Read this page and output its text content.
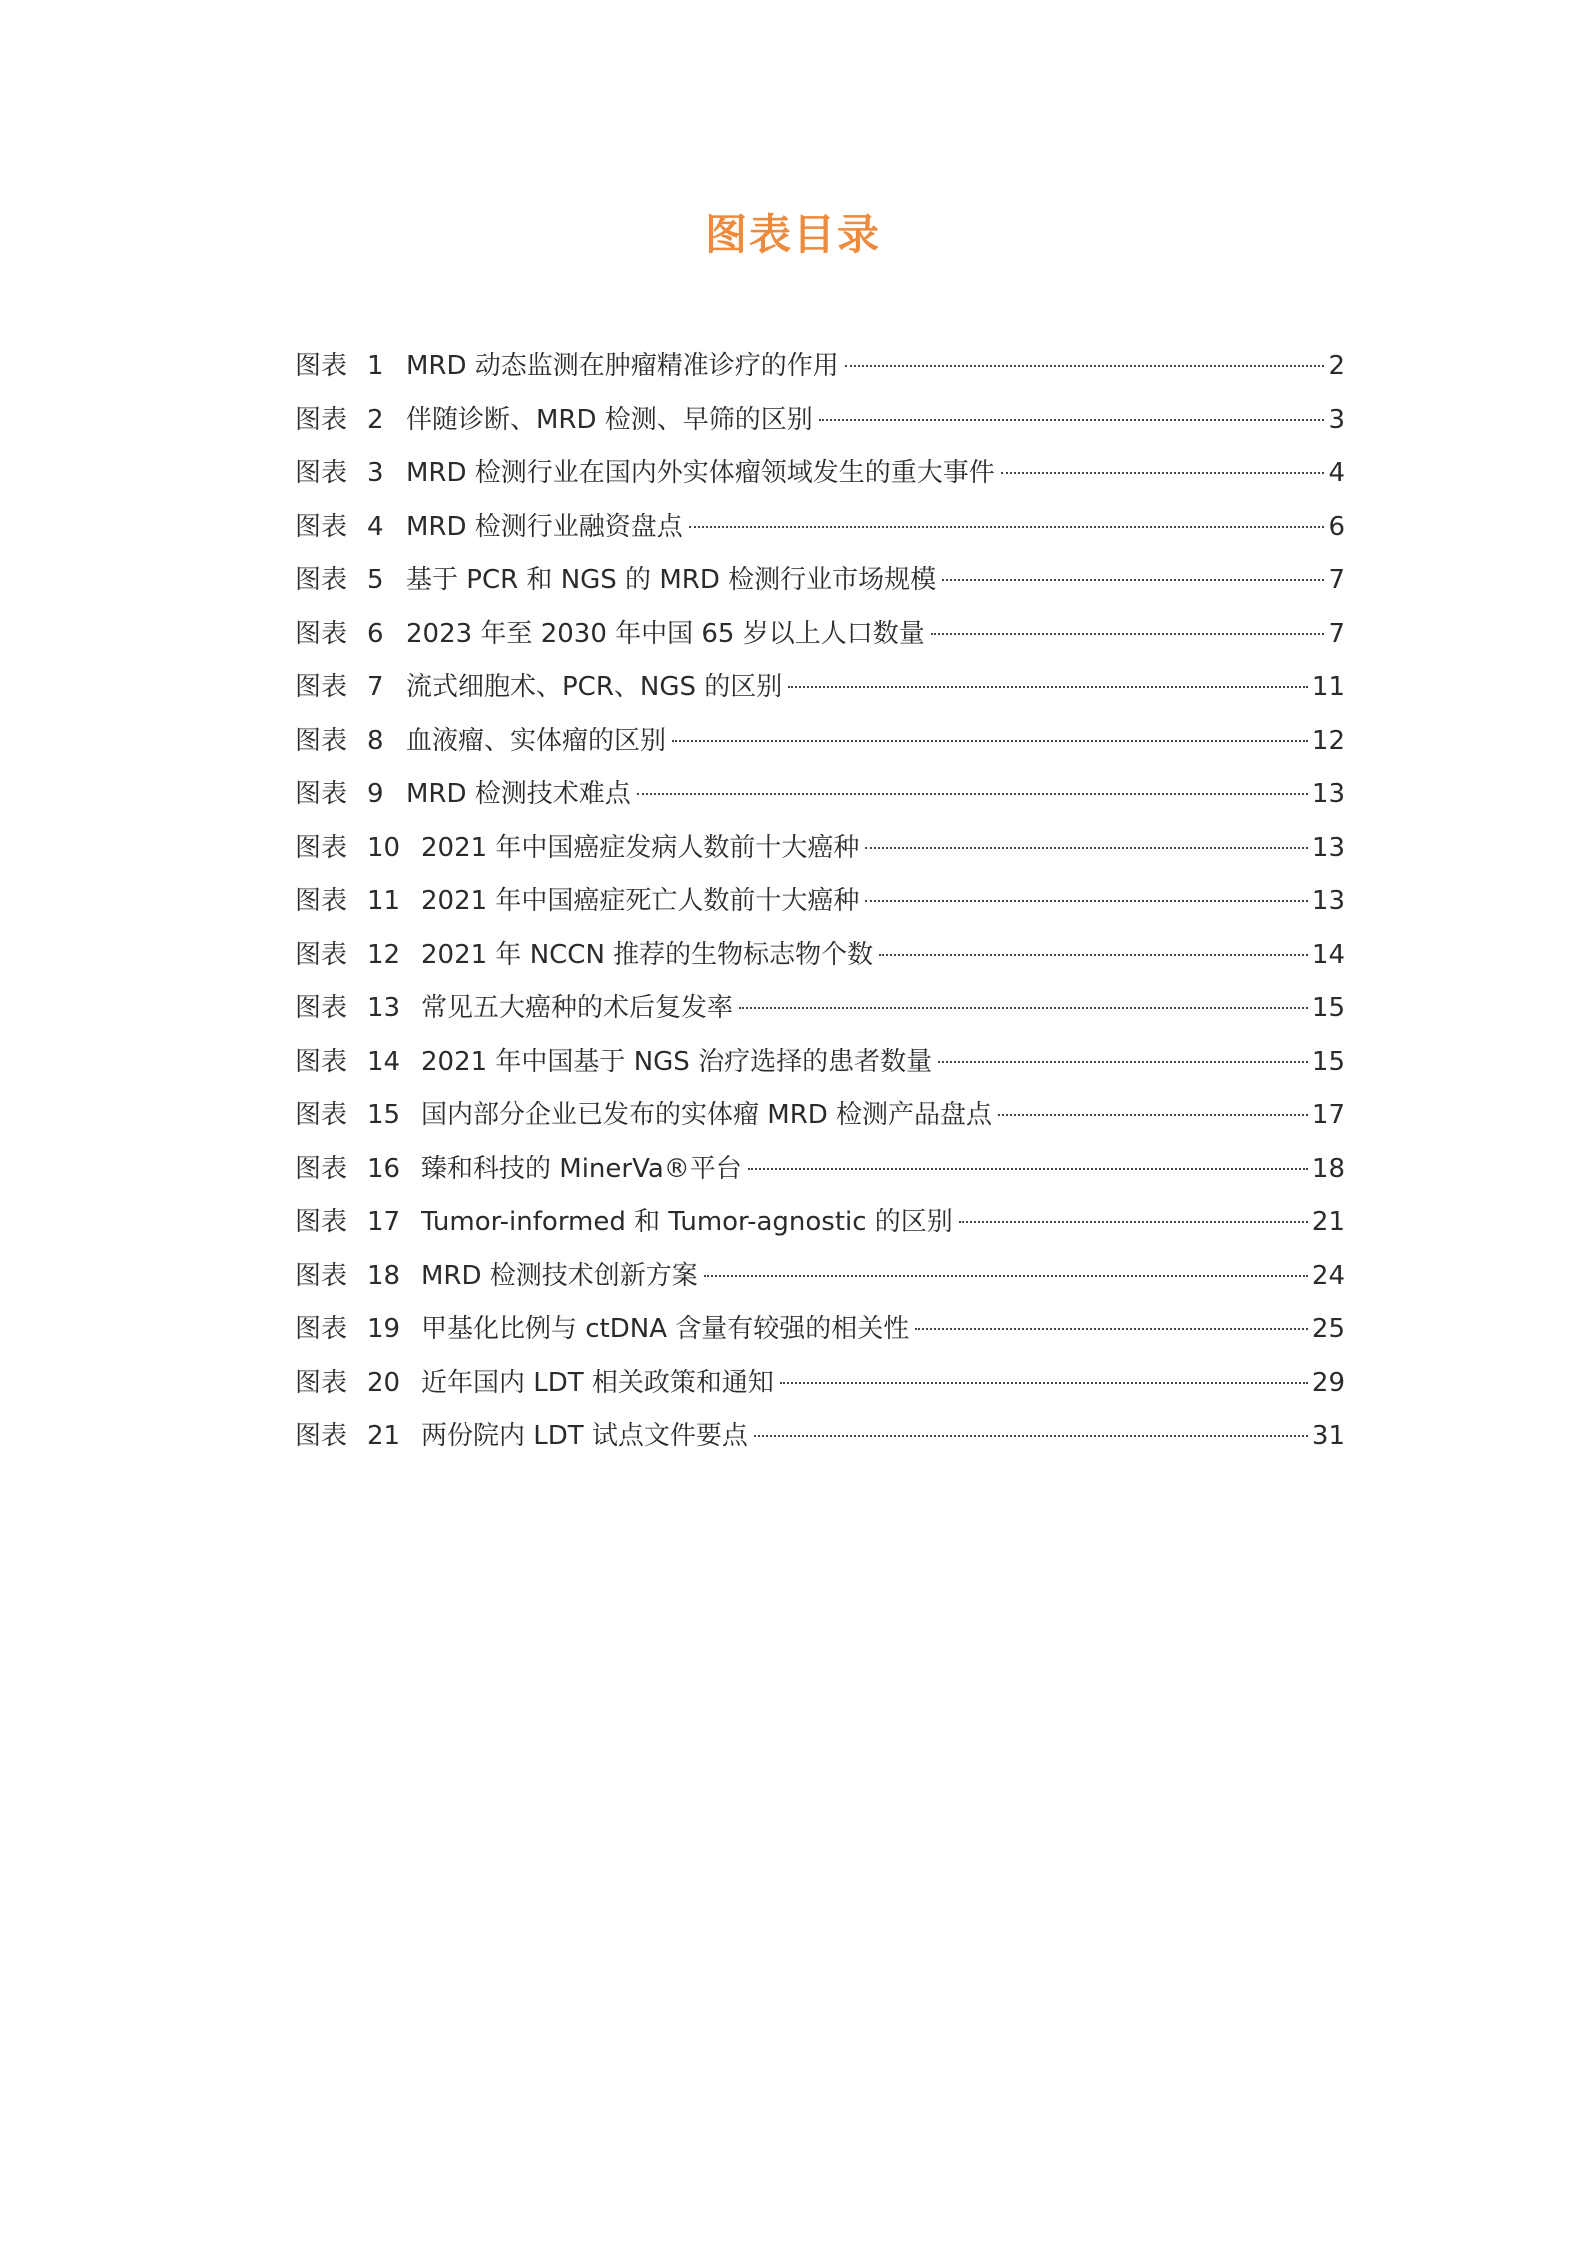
图表目录
图表 1 MRD 动态监测在肿瘤精准诊疗的作用	2
图表 2 伴随诊断、MRD 检测、早筛的区别	3
图表 3 MRD 检测行业在国内外实体瘤领域发生的重大事件	4
图表 4 MRD 检测行业融资盘点	6
图表 5 基于 PCR 和 NGS 的 MRD 检测行业市场规模	7
图表 6 2023 年至 2030 年中国 65 岁以上人口数量	7
图表 7 流式细胞术、PCR、NGS 的区别	11
图表 8 血液瘤、实体瘤的区别	12
图表 9 MRD 检测技术难点	13
图表 10 2021 年中国癌症发病人数前十大癌种	13
图表 11 2021 年中国癌症死亡人数前十大癌种	13
图表 12 2021 年 NCCN 推荐的生物标志物个数	14
图表 13 常见五大癌种的术后复发率	15
图表 14 2021 年中国基于 NGS 治疗选择的患者数量	15
图表 15 国内部分企业已发布的实体瘤 MRD 检测产品盘点	17
图表 16 臻和科技的 MinerVa®平台	18
图表 17 Tumor-informed 和 Tumor-agnostic 的区别	21
图表 18 MRD 检测技术创新方案	24
图表 19 甲基化比例与 ctDNA 含量有较强的相关性	25
图表 20 近年国内 LDT 相关政策和通知	29
图表 21 两份院内 LDT 试点文件要点	31
